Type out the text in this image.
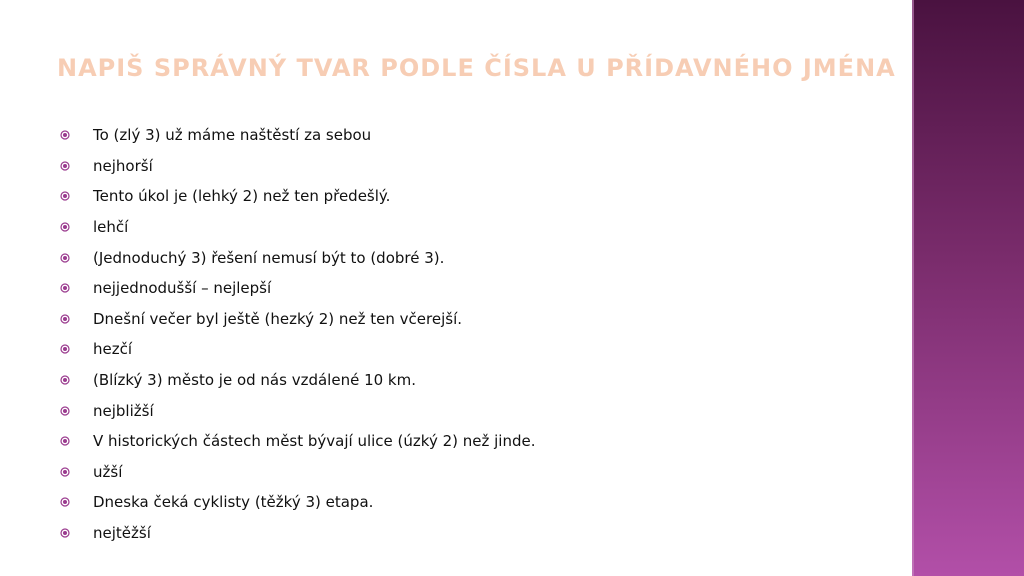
NAPIŠ SPRÁVNÝ TVAR PODLE ČÍSLA U PŘÍDAVNÉHO JMÉNA
To (zlý 3) už máme naštěstí za sebou
nejhorší
Tento úkol je (lehký 2) než ten předešlý.
lehčí
(Jednoduchý 3) řešení nemusí být to (dobré 3).
nejjednodušší – nejlepší
Dnešní večer byl ještě (hezký 2) než ten včerejší.
hezčí
(Blízký 3) město je od nás vzdálené 10 km.
nejbližší
V historických částech měst bývají ulice (úzký 2) než jinde.
užší
Dneska čeká cyklisty (těžký 3) etapa.
nejtěžší
